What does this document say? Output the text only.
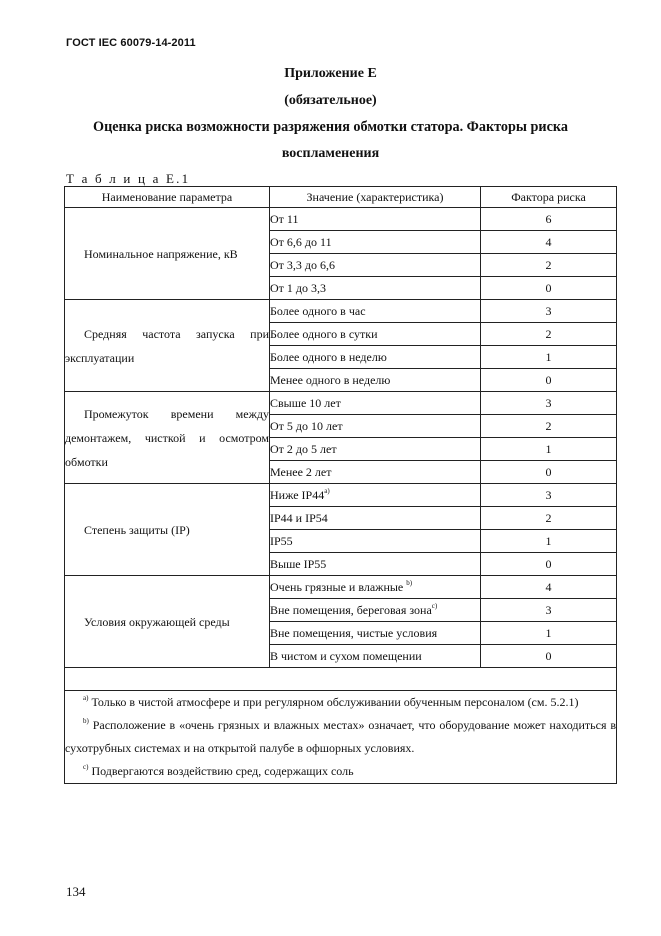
ГОСТ IEC 60079-14-2011
Приложение Е
(обязательное)
Оценка риска возможности разряжения обмотки статора. Факторы риска
воспламенения
Т а б л и ц а Е.1
Наименование параметра	Значение (характеристика)	Фактора риска

Номинальное напряжение, кВ	От 11	6
	От 6,6 до 11	4
	От 3,3 до 6,6	2
	От 1 до 3,3	0

Средняя частота запуска при
эксплуатации	Более одного в час	3
	Более одного в сутки	2
	Более одного в неделю	1
	Менее одного в неделю	0

Промежуток времени между
демонтажем, чисткой и осмотром
обмотки	Свыше 10 лет	3
	От 5 до 10 лет	2
	От 2 до 5 лет	1
	Менее 2 лет	0

Степень защиты (IP)	Ниже $IP44^{а)}$	3
	IP44 и IP54	2
	IP55	1
	Выше IP55	0

Условия окружающей среды	Очень грязные и влажные $^{b)}$	4
	Вне помещения, береговая зона$^{c)}$	3
	Вне помещения, чистые условия	1
	В чистом и сухом помещении	0

$^{а)}$ Только в чистой атмосфере и при регулярном обслуживании обученным персоналом (см. 5.2.1)
$^{b)}$ Расположение в «очень грязных и влажных местах» означает, что оборудование может находиться в сухотрубных системах и на открытой палубе в офшорных условиях.
$^{c)}$ Подвергаются воздействию сред, содержащих соль		
134
